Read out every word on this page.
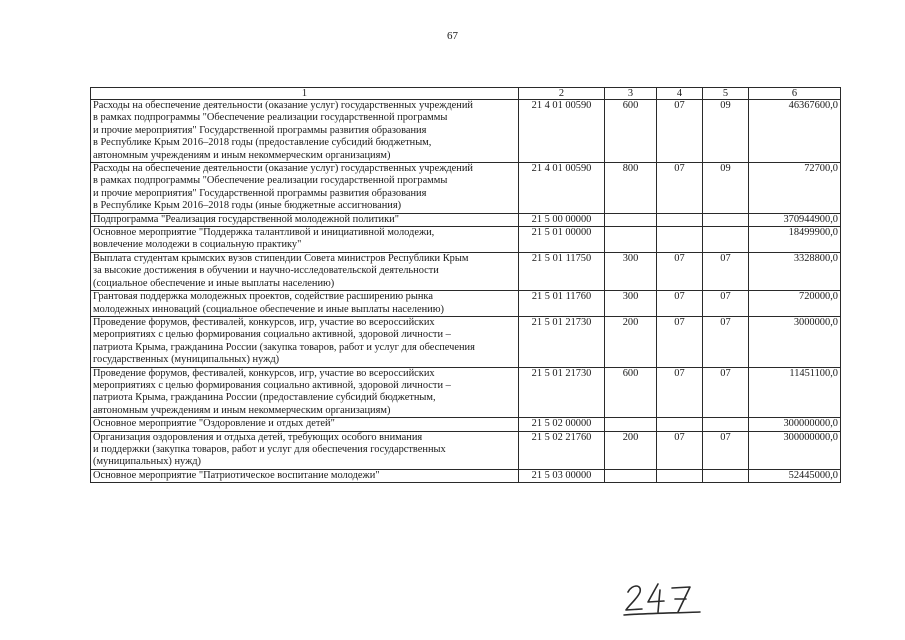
67
1	2	3	4	5	6

Расходы на обеспечение деятельности (оказание услуг) государственных учреждений
в рамках подпрограммы "Обеспечение реализации государственной программы
и прочие мероприятия" Государственной программы развития образования
в Республике Крым 2016–2018 годы (предоставление субсидий бюджетным,
автономным учреждениям и иным некоммерческим организациям)	21 4 01 00590	600	07	09	46367600,0

Расходы на обеспечение деятельности (оказание услуг) государственных учреждений
в рамках подпрограммы "Обеспечение реализации государственной программы
и прочие мероприятия" Государственной программы развития образования
в Республике Крым 2016–2018 годы (иные бюджетные ассигнования)	21 4 01 00590	800	07	09	72700,0

Подпрограмма "Реализация государственной молодежной политики"	21 5 00 00000				370944900,0

Основное мероприятие "Поддержка талантливой и инициативной молодежи,
вовлечение молодежи в социальную практику"	21 5 01 00000				18499900,0

Выплата студентам крымских вузов стипендии Совета министров Республики Крым
за высокие достижения в обучении и научно-исследовательской деятельности
(социальное обеспечение и иные выплаты населению)	21 5 01 11750	300	07	07	3328800,0

Грантовая поддержка молодежных проектов, содействие расширению рынка
молодежных инноваций (социальное обеспечение и иные выплаты населению)	21 5 01 11760	300	07	07	720000,0

Проведение форумов, фестивалей, конкурсов, игр, участие во всероссийских
мероприятиях с целью формирования социально активной, здоровой личности –
патриота Крыма, гражданина России (закупка товаров, работ и услуг для обеспечения
государственных (муниципальных) нужд)	21 5 01 21730	200	07	07	3000000,0

Проведение форумов, фестивалей, конкурсов, игр, участие во всероссийских
мероприятиях с целью формирования социально активной, здоровой личности –
патриота Крыма, гражданина России (предоставление субсидий бюджетным,
автономным учреждениям и иным некоммерческим организациям)	21 5 01 21730	600	07	07	11451100,0

Основное мероприятие "Оздоровление и отдых детей"	21 5 02 00000				300000000,0

Организация оздоровления и отдыха детей, требующих особого внимания
и поддержки (закупка товаров, работ и услуг для обеспечения государственных
(муниципальных) нужд)	21 5 02 21760	200	07	07	300000000,0

Основное мероприятие "Патриотическое воспитание молодежи"	21 5 03 00000				52445000,0
